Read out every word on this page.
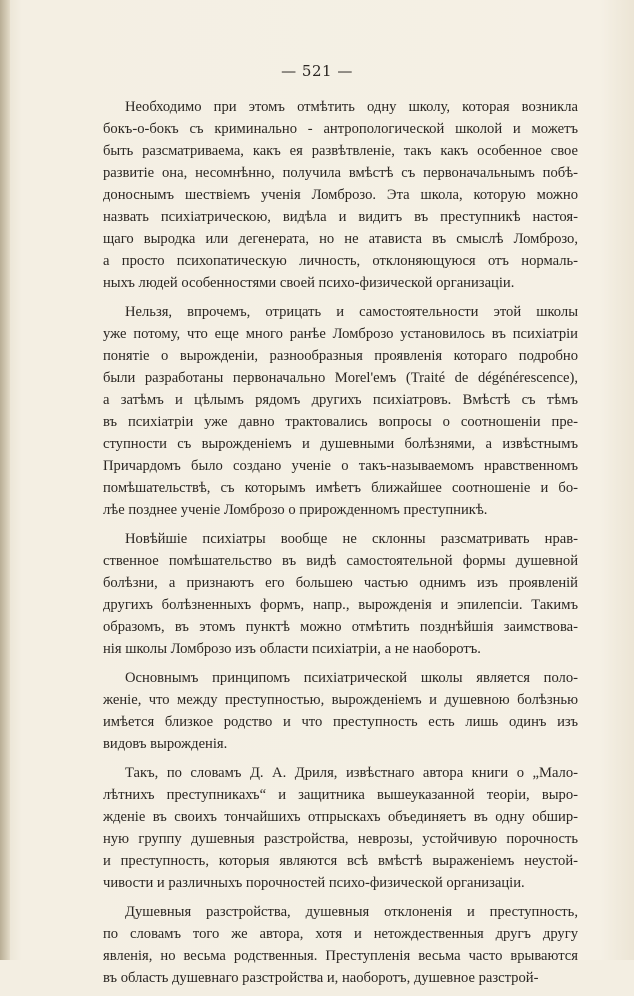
— 521 —
Необходимо при этомъ отмѣтить одну школу, которая возникла
бокъ-о-бокъ съ криминально - антропологической школой и можетъ
быть разсматриваема, какъ ея развѣтвленіе, такъ какъ особенное свое
развитіе она, несомнѣнно, получила вмѣстѣ съ первоначальнымъ побѣ-
доноснымъ шествіемъ ученія Ломброзо. Эта школа, которую можно
назвать психіатрическою, видѣла и видитъ въ преступникѣ настоя-
щаго выродка или дегенерата, но не атависта въ смыслѣ Ломброзо,
а просто психопатическую личность, отклоняющуюся отъ нормаль-
ныхъ людей особенностями своей психо-физической организаціи.
Нельзя, впрочемъ, отрицать и самостоятельности этой школы
уже потому, что еще много ранѣе Ломброзо установилось въ психіатріи
понятіе о вырожденіи, разнообразныя проявленія котораго подробно
были разработаны первоначально Morel'емъ (Traité de dégénérescence),
а затѣмъ и цѣлымъ рядомъ другихъ психіатровъ. Вмѣстѣ съ тѣмъ
въ психіатріи уже давно трактовались вопросы о соотношеніи пре-
ступности съ вырожденіемъ и душевными болѣзнями, а извѣстнымъ
Причардомъ было создано ученіе о такъ-называемомъ нравственномъ
помѣшательствѣ, съ которымъ имѣетъ ближайшее соотношеніе и бо-
лѣе позднее ученіе Ломброзо о прирожденномъ преступникѣ.
Новѣйшіе психіатры вообще не склонны разсматривать нрав-
ственное помѣшательство въ видѣ самостоятельной формы душевной
болѣзни, а признаютъ его большею частью однимъ изъ проявленій
другихъ болѣзненныхъ формъ, напр., вырожденія и эпилепсіи. Такимъ
образомъ, въ этомъ пунктѣ можно отмѣтить позднѣйшія заимствова-
нія школы Ломброзо изъ области психіатріи, а не наоборотъ.
Основнымъ принципомъ психіатрической школы является поло-
женіе, что между преступностью, вырожденіемъ и душевною болѣзнью
имѣется близкое родство и что преступность есть лишь одинъ изъ
видовъ вырожденія.
Такъ, по словамъ Д. А. Дриля, извѣстнаго автора книги о „Мало-
лѣтнихъ преступникахъ“ и защитника вышеуказанной теоріи, выро-
жденіе въ своихъ тончайшихъ отпрыскахъ объединяетъ въ одну обшир-
ную группу душевныя разстройства, неврозы, устойчивую порочность
и преступность, которыя являются всѣ вмѣстѣ выраженіемъ неустой-
чивости и различныхъ порочностей психо-физической организаціи.
Душевныя разстройства, душевныя отклоненія и преступность,
по словамъ того же автора, хотя и нетождественныя другъ другу
явленія, но весьма родственныя. Преступленія весьма часто врываются
въ область душевнаго разстройства и, наоборотъ, душевное разстрой-
